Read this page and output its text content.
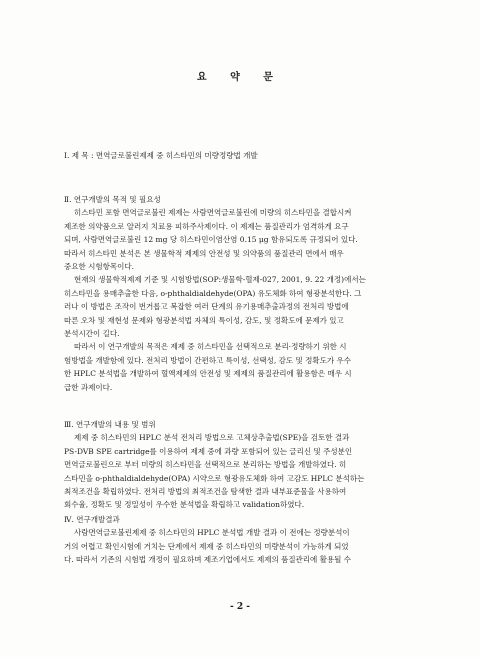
요 약 문
Ⅰ. 제 목 : 면역글로불린제제 중 히스타민의 미량정량법 개발
Ⅱ. 연구개발의 목적 및 필요성
히스타민 포함 면역글로불린 제제는 사람면역글로불린에 미량의 히스타민을 결합시켜
제조한 의약품으로 알러지 치료용 피하주사제이다. 이 제제는 품질관리가 엄격하게 요구
되며, 사람면역글로불린 12 mg 당 히스타민이염산염 0.15 μg 함유되도록 규정되어 있다.
따라서 히스타민 분석은 본 생물학적 제제의 안전성 및 의약품의 품질관리 면에서 매우
중요한 시험항목이다.
현재의 생물학적제제 기준 및 시험방법(SOP:생물학-혈제-027, 2001, 9. 22 개정)에서는
히스타민을 용매추출한 다음, o-phthaldialdehyde(OPA) 유도체화 하여 형광분석한다. 그
러나 이 방법은 조작이 번거롭고 복잡한 여러 단계의 유기용매추출과정의 전처리 방법에
따른 오차 및 재현성 문제와 형광분석법 자체의 특이성, 감도, 및 정확도에 문제가 있고
분석시간이 길다.
따라서 이 연구개발의 목적은 제제 중 히스타민을 선택적으로 분리·정량하기 위한 시
험방법을 개발함에 있다. 전처리 방법이 간편하고 특이성, 선택성, 감도 및 정확도가 우수
한 HPLC 분석법을 개발하여 혈액제제의 안전성 및 제제의 품질관리에 활용함은 매우 시
급한 과제이다.
Ⅲ. 연구개발의 내용 및 범위
제제 중 히스타민의 HPLC 분석 전처리 방법으로 고체상추출법(SPE)을 검토한 결과
PS-DVB SPE cartridge를 이용하여 제제 중에 과량 포함되어 있는 글리신 및 주성분인
면역글로불린으로 부터 미량의 히스타민을 선택적으로 분리하는 방법을 개발하였다. 히
스타민을 o-phthaldialdehyde(OPA) 시약으로 형광유도체화 하여 고감도 HPLC 분석하는
최적조건을 확립하였다. 전처리 방법의 최적조건을 탐색한 결과 내부표준물을 사용하여
회수율, 정확도 및 정밀성이 우수한 분석법을 확립하고 validation하였다.
Ⅳ. 연구개발결과
사람면역글로불린제제 중 히스타민의 HPLC 분석법 개발 결과 이 전에는 정량분석이
거의 어렵고 확인시험에 거치는 단계에서 제제 중 히스타민의 미량분석이 가능하게 되었
다. 따라서 기존의 시험법 개정이 필요하며 제조기업에서도 제제의 품질관리에 활용될 수
- 2 -
